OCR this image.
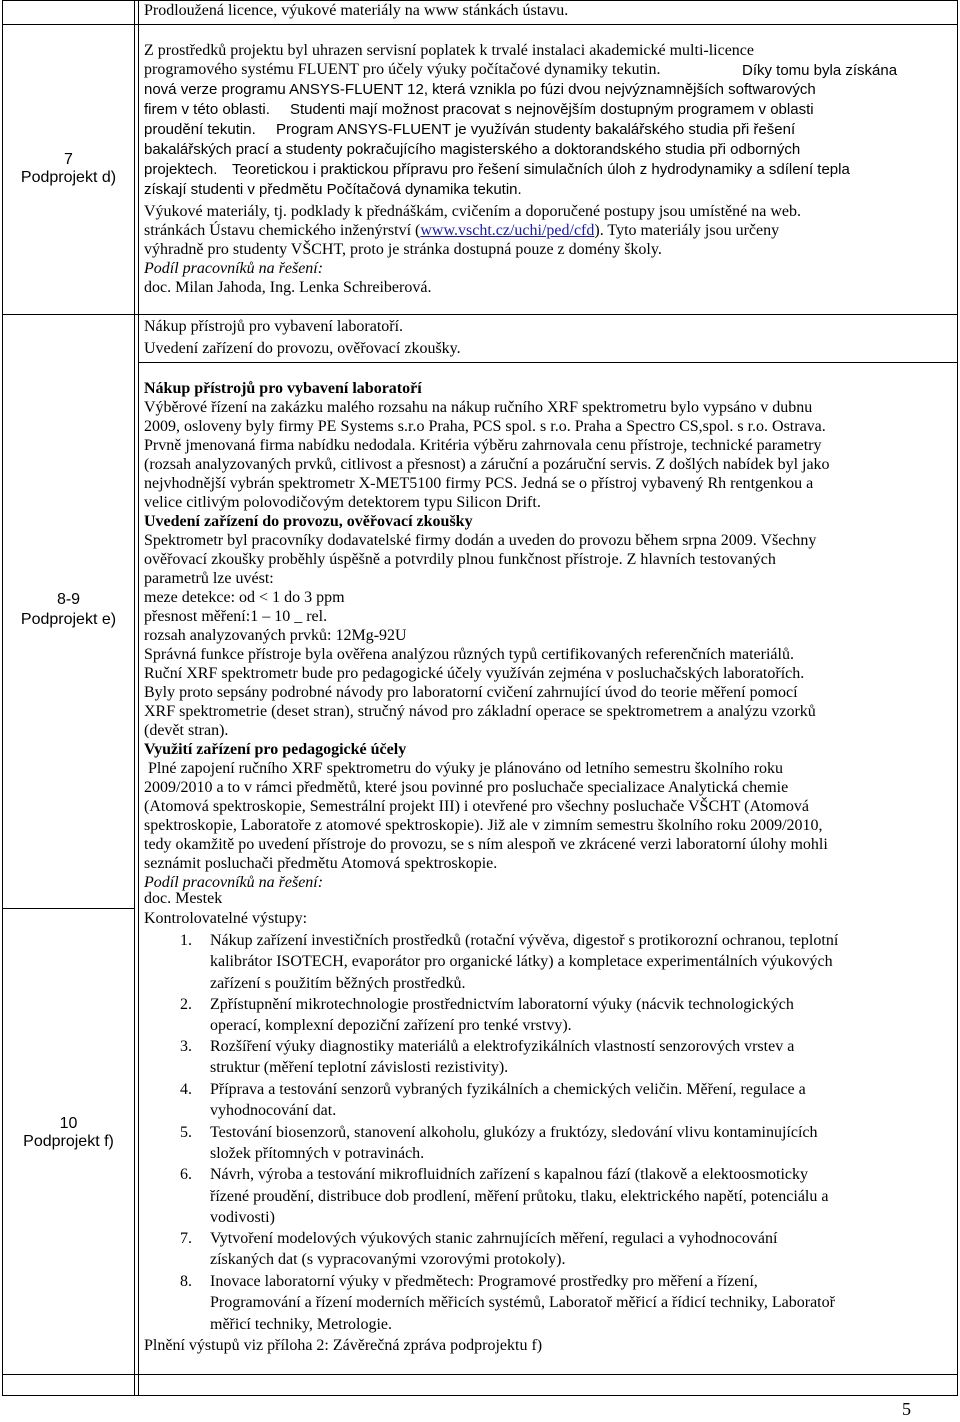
Prodloužená licence, výukové materiály na www stánkách ústavu.
7
Podprojekt d)
Z prostředků projektu byl uhrazen servisní poplatek k trvalé instalaci akademické multi-licence
programového systému FLUENT pro účely výuky počítačové dynamiky tekutin.	Díky tomu byla získána
nová verze programu ANSYS-FLUENT 12, která vznikla po fúzi dvou nejvýznamnějších softwarových
firem v této oblasti. Studenti mají možnost pracovat s nejnovějším dostupným programem v oblasti
proudění tekutin. Program ANSYS-FLUENT je využíván studenty bakalářského studia při řešení
bakalářských prací a studenty pokračujícího magisterského a doktorandského studia při odborných
projektech. Teoretickou i praktickou přípravu pro řešení simulačních úloh z hydrodynamiky a sdílení tepla
získají studenti v předmětu Počítačová dynamika tekutin.
Výukové materiály, tj. podklady k přednáškám, cvičením a doporučené postupy jsou umístěné na web.
stránkách Ústavu chemického inženýrství (www.vscht.cz/uchi/ped/cfd). Tyto materiály jsou určeny
výhradně pro studenty VŠCHT, proto je stránka dostupná pouze z domény školy.
Podíl pracovníků na řešení:
doc. Milan Jahoda, Ing. Lenka Schreiberová.
Nákup přístrojů pro vybavení laboratoří.
Uvedení zařízení do provozu, ověřovací zkoušky.
8-9
Podprojekt e)
Nákup přístrojů pro vybavení laboratoří
Výběrové řízení na zakázku malého rozsahu na nákup ručního XRF spektrometru bylo vypsáno v dubnu
2009, osloveny byly firmy PE Systems s.r.o Praha, PCS spol. s r.o. Praha a Spectro CS,spol. s r.o. Ostrava.
Prvně jmenovaná firma nabídku nedodala. Kritéria výběru zahrnovala cenu přístroje, technické parametry
(rozsah analyzovaných prvků, citlivost a přesnost) a záruční a pozáruční servis. Z došlých nabídek byl jako
nejvhodnější vybrán spektrometr X-MET5100 firmy PCS. Jedná se o přístroj vybavený Rh rentgenkou a
velice citlivým polovodičovým detektorem typu Silicon Drift.
Uvedení zařízení do provozu, ověřovací zkoušky
Spektrometr byl pracovníky dodavatelské firmy dodán a uveden do provozu během srpna 2009. Všechny
ověřovací zkoušky proběhly úspěšně a potvrdily plnou funkčnost přístroje. Z hlavních testovaných
parametrů lze uvést:
meze detekce: od < 1 do 3 ppm
přesnost měření:1 – 10 _ rel.
rozsah analyzovaných prvků: 12Mg-92U
Správná funkce přístroje byla ověřena analýzou různých typů certifikovaných referenčních materiálů.
Ruční XRF spektrometr bude pro pedagogické účely využíván zejména v posluchačských laboratořích.
Byly proto sepsány podrobné návody pro laboratorní cvičení zahrnující úvod do teorie měření pomocí
XRF spektrometrie (deset stran), stručný návod pro základní operace se spektrometrem a analýzu vzorků
(devět stran).
Využití zařízení pro pedagogické účely
Plné zapojení ručního XRF spektrometru do výuky je plánováno od letního semestru školního roku
2009/2010 a to v rámci předmětů, které jsou povinné pro posluchače specializace Analytická chemie
(Atomová spektroskopie, Semestrální projekt III) i otevřené pro všechny posluchače VŠCHT (Atomová
spektroskopie, Laboratoře z atomové spektroskopie). Již ale v zimním semestru školního roku 2009/2010,
tedy okamžitě po uvedení přístroje do provozu, se s ním alespoň ve zkrácené verzi laboratorní úlohy mohli
seznámit posluchači předmětu Atomová spektroskopie.
Podíl pracovníků na řešení:
doc. Mestek
10
Podprojekt f)
Kontrolovatelné výstupy:
1. Nákup zařízení investičních prostředků (rotační vývěva, digestoř s protikorozní ochranou, teplotní
kalibrátor ISOTECH, evaporátor pro organické látky) a kompletace experimentálních výukových
zařízení s použitím běžných prostředků.
2. Zpřístupnění mikrotechnologie prostřednictvím laboratorní výuky (nácvik technologických
operací, komplexní depoziční zařízení pro tenké vrstvy).
3. Rozšíření výuky diagnostiky materiálů a elektrofyzikálních vlastností senzorových vrstev a
struktur (měření teplotní závislosti rezistivity).
4. Příprava a testování senzorů vybraných fyzikálních a chemických veličin. Měření, regulace a
vyhodnocování dat.
5. Testování biosenzorů, stanovení alkoholu, glukózy a fruktózy, sledování vlivu kontaminujících
složek přítomných v potravinách.
6. Návrh, výroba a testování mikrofluidních zařízení s kapalnou fází (tlakově a elektoosmoticky
řízené proudění, distribuce dob prodlení, měření průtoku, tlaku, elektrického napětí, potenciálu a
vodivosti)
7. Vytvoření modelových výukových stanic zahrnujících měření, regulaci a vyhodnocování
získaných dat (s vypracovanými vzorovými protokoly).
8. Inovace laboratorní výuky v předmětech: Programové prostředky pro měření a řízení,
Programování a řízení moderních měřicích systémů, Laboratoř měřicí a řídicí techniky, Laboratoř
měřicí techniky, Metrologie.
Plnění výstupů viz příloha 2: Závěrečná zpráva podprojektu f)
5
